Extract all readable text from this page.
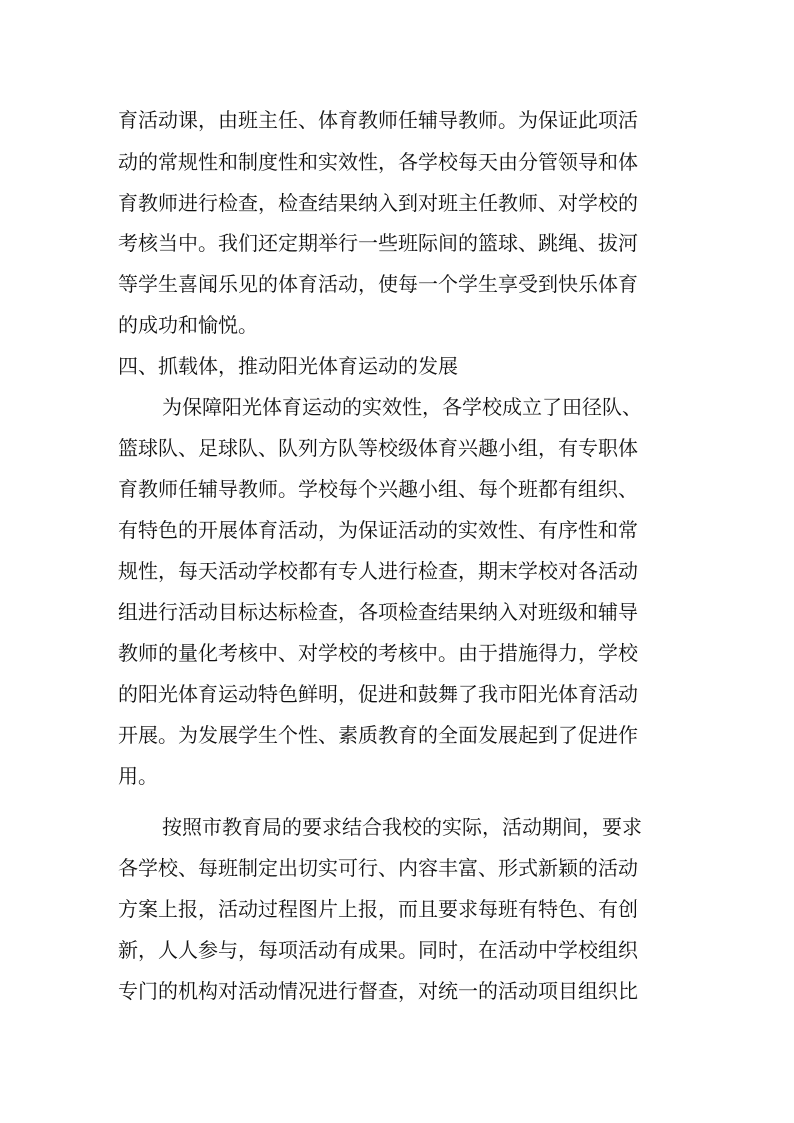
育活动课，由班主任、体育教师任辅导教师。为保证此项活
动的常规性和制度性和实效性，各学校每天由分管领导和体
育教师进行检查，检查结果纳入到对班主任教师、对学校的
考核当中。我们还定期举行一些班际间的篮球、跳绳、拔河
等学生喜闻乐见的体育活动，使每一个学生享受到快乐体育
的成功和愉悦。
四、抓载体，推动阳光体育运动的发展
为保障阳光体育运动的实效性，各学校成立了田径队、
篮球队、足球队、队列方队等校级体育兴趣小组，有专职体
育教师任辅导教师。学校每个兴趣小组、每个班都有组织、
有特色的开展体育活动，为保证活动的实效性、有序性和常
规性，每天活动学校都有专人进行检查，期末学校对各活动
组进行活动目标达标检查，各项检查结果纳入对班级和辅导
教师的量化考核中、对学校的考核中。由于措施得力，学校
的阳光体育运动特色鲜明，促进和鼓舞了我市阳光体育活动
开展。为发展学生个性、素质教育的全面发展起到了促进作
用。
按照市教育局的要求结合我校的实际，活动期间，要求
各学校、每班制定出切实可行、内容丰富、形式新颖的活动
方案上报，活动过程图片上报，而且要求每班有特色、有创
新，人人参与，每项活动有成果。同时，在活动中学校组织
专门的机构对活动情况进行督查，对统一的活动项目组织比
